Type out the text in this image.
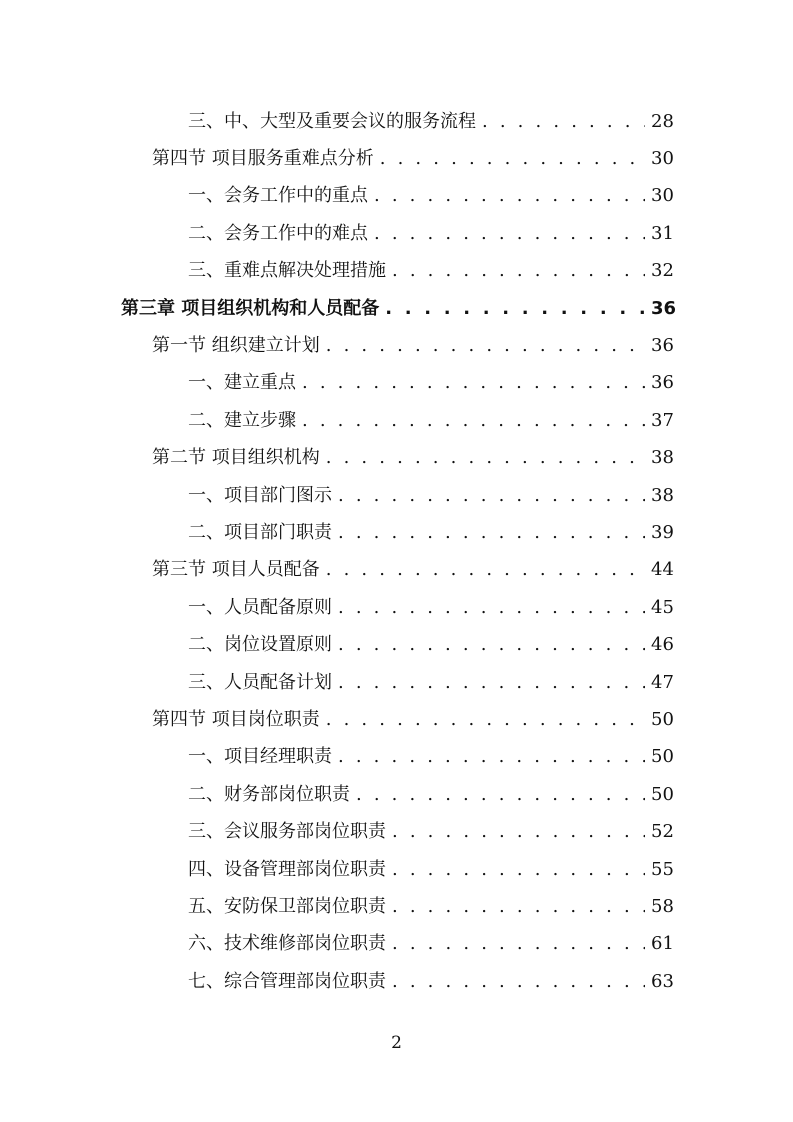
三、中、大型及重要会议的服务流程 . . .	28
第四节 项目服务重难点分析 . . .	30
一、会务工作中的重点 . . .	30
二、会务工作中的难点 . . .	31
三、重难点解决处理措施 . . .	32
第三章 项目组织机构和人员配备 . . .	36
第一节 组织建立计划 . . .	36
一、建立重点 . . .	36
二、建立步骤 . . .	37
第二节 项目组织机构 . . .	38
一、项目部门图示 . . .	38
二、项目部门职责 . . .	39
第三节 项目人员配备 . . .	44
一、人员配备原则 . . .	45
二、岗位设置原则 . . .	46
三、人员配备计划 . . .	47
第四节 项目岗位职责 . . .	50
一、项目经理职责 . . .	50
二、财务部岗位职责 . . .	50
三、会议服务部岗位职责 . . .	52
四、设备管理部岗位职责 . . .	55
五、安防保卫部岗位职责 . . .	58
六、技术维修部岗位职责 . . .	61
七、综合管理部岗位职责 . . .	63
2
